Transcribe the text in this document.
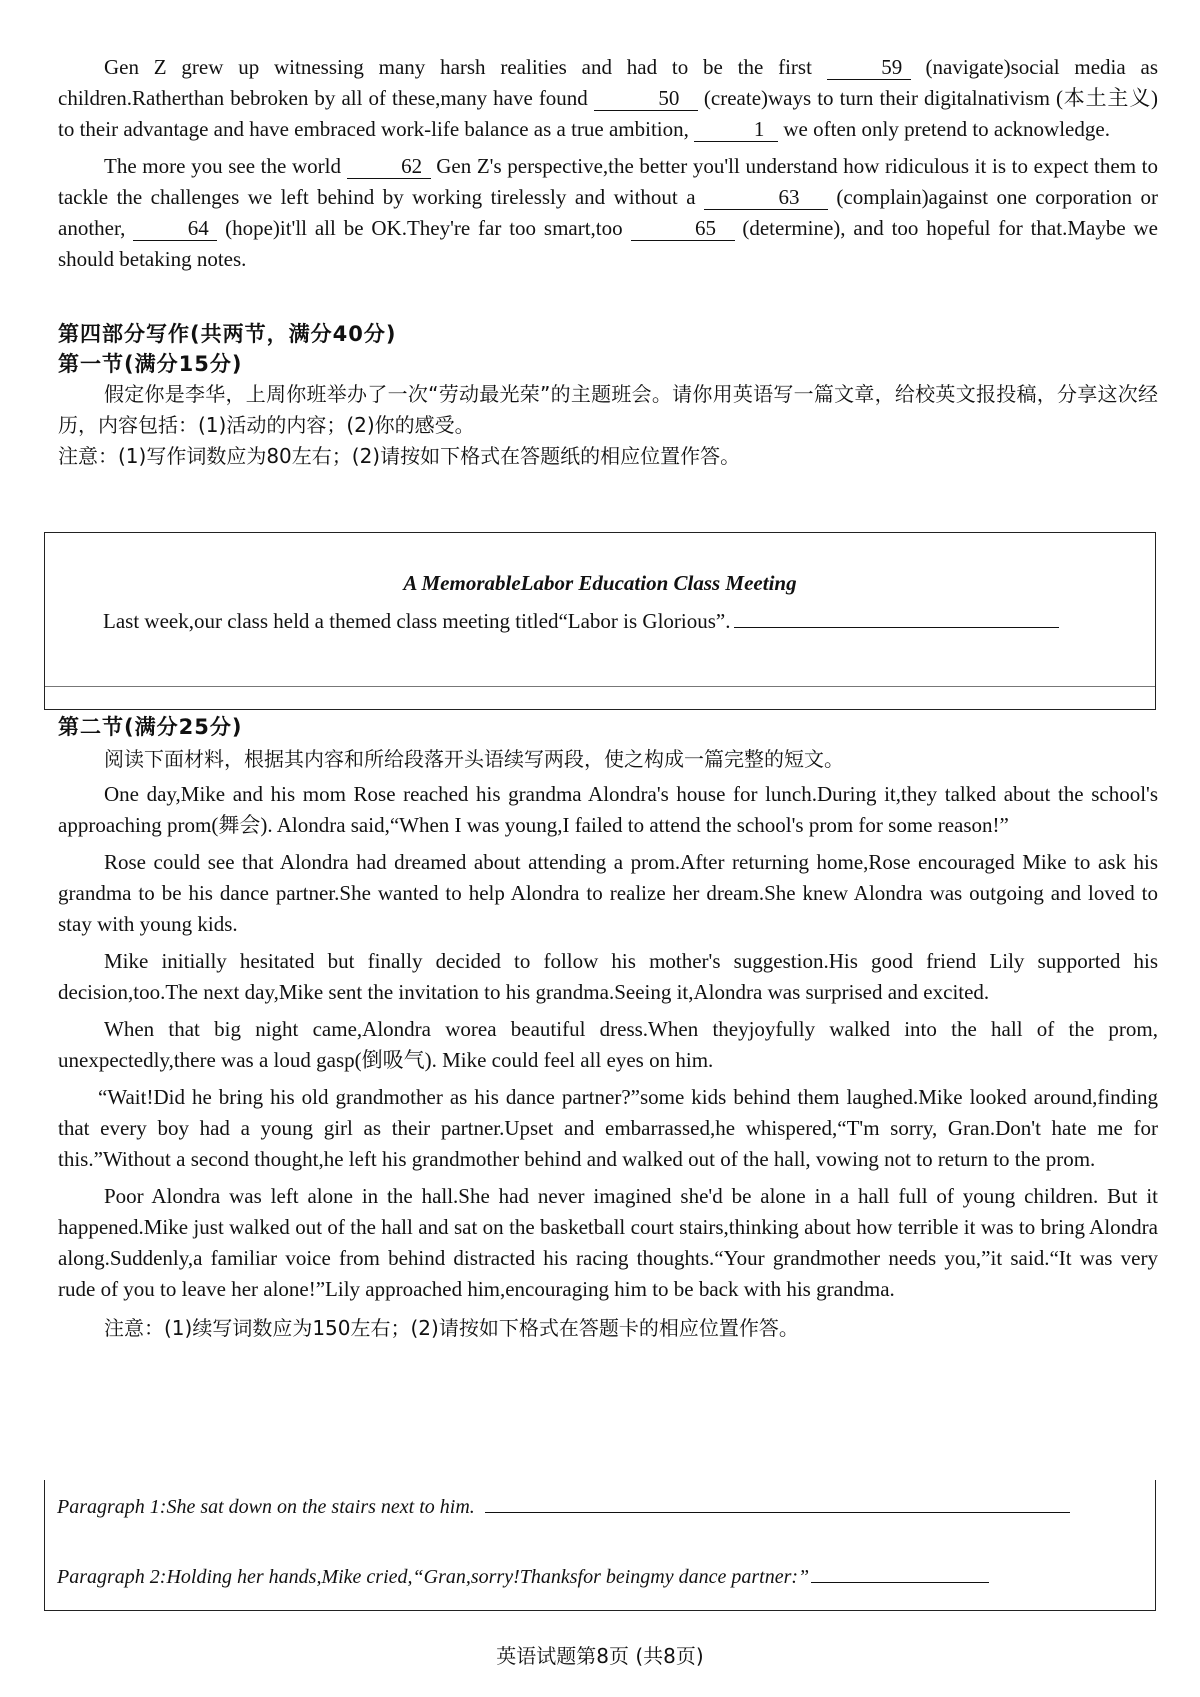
Gen Z grew up witnessing many harsh realities and had to be the first	59 (navigate)social media as children.Ratherthan bebroken by all of these,many have found	50 (create)ways to turn their digitalnativism (本土主义) to their advantage and have embraced work-life balance as a true ambition,	1 we often only pretend to acknowledge.

The more you see the world	62 Gen Z's perspective,the better you'll understand how ridiculous it is to expect them to tackle the challenges we left behind by working tirelessly and without a	63 (complain)against one corporation or another,	64 (hope)it'll all be OK.They're far too smart,too	65 (determine), and too hopeful for that.Maybe we should betaking notes.

第四部分写作(共两节，满分40分)
第一节(满分15分)

假定你是李华，上周你班举办了一次“劳动最光荣”的主题班会。请你用英语写一篇文章，给校英文报投稿，分享这次经历，内容包括：(1)活动的内容；(2)你的感受。

注意：(1)写作词数应为80左右；(2)请按如下格式在答题纸的相应位置作答。

A MemorableLabor Education Class Meeting
Last week,our class held a themed class meeting titled“Labor is Glorious”.
第二节(满分25分)

阅读下面材料，根据其内容和所给段落开头语续写两段，使之构成一篇完整的短文。

One day,Mike and his mom Rose reached his grandma Alondra's house for lunch.During it,they talked about the school's approaching prom(舞会). Alondra said,“When I was young,I failed to attend the school's prom for some reason!”

Rose could see that Alondra had dreamed about attending a prom.After returning home,Rose encouraged Mike to ask his grandma to be his dance partner.She wanted to help Alondra to realize her dream.She knew Alondra was outgoing and loved to stay with young kids.

Mike initially hesitated but finally decided to follow his mother's suggestion.His good friend Lily supported his decision,too.The next day,Mike sent the invitation to his grandma.Seeing it,Alondra was surprised and excited.

When that big night came,Alondra worea beautiful dress.When theyjoyfully walked into the hall of the prom, unexpectedly,there was a loud gasp(倒吸气). Mike could feel all eyes on him.

“Wait!Did he bring his old grandmother as his dance partner?”some kids behind them laughed.Mike looked around,finding that every boy had a young girl as their partner.Upset and embarrassed,he whispered,“T'm sorry, Gran.Don't hate me for this.”Without a second thought,he left his grandmother behind and walked out of the hall, vowing not to return to the prom.

Poor Alondra was left alone in the hall.She had never imagined she'd be alone in a hall full of young children. But it happened.Mike just walked out of the hall and sat on the basketball court stairs,thinking about how terrible it was to bring Alondra along.Suddenly,a familiar voice from behind distracted his racing thoughts.“Your grandmother needs you,”it said.“It was very rude of you to leave her alone!”Lily approached him,encouraging him to be back with his grandma.

注意：(1)续写词数应为150左右；(2)请按如下格式在答题卡的相应位置作答。

Paragraph 1:She sat down on the stairs next to him.
Paragraph 2:Holding her hands,Mike cried,“Gran,sorry!Thanksfor beingmy dance partner:”
英语试题第8页 (共8页)
